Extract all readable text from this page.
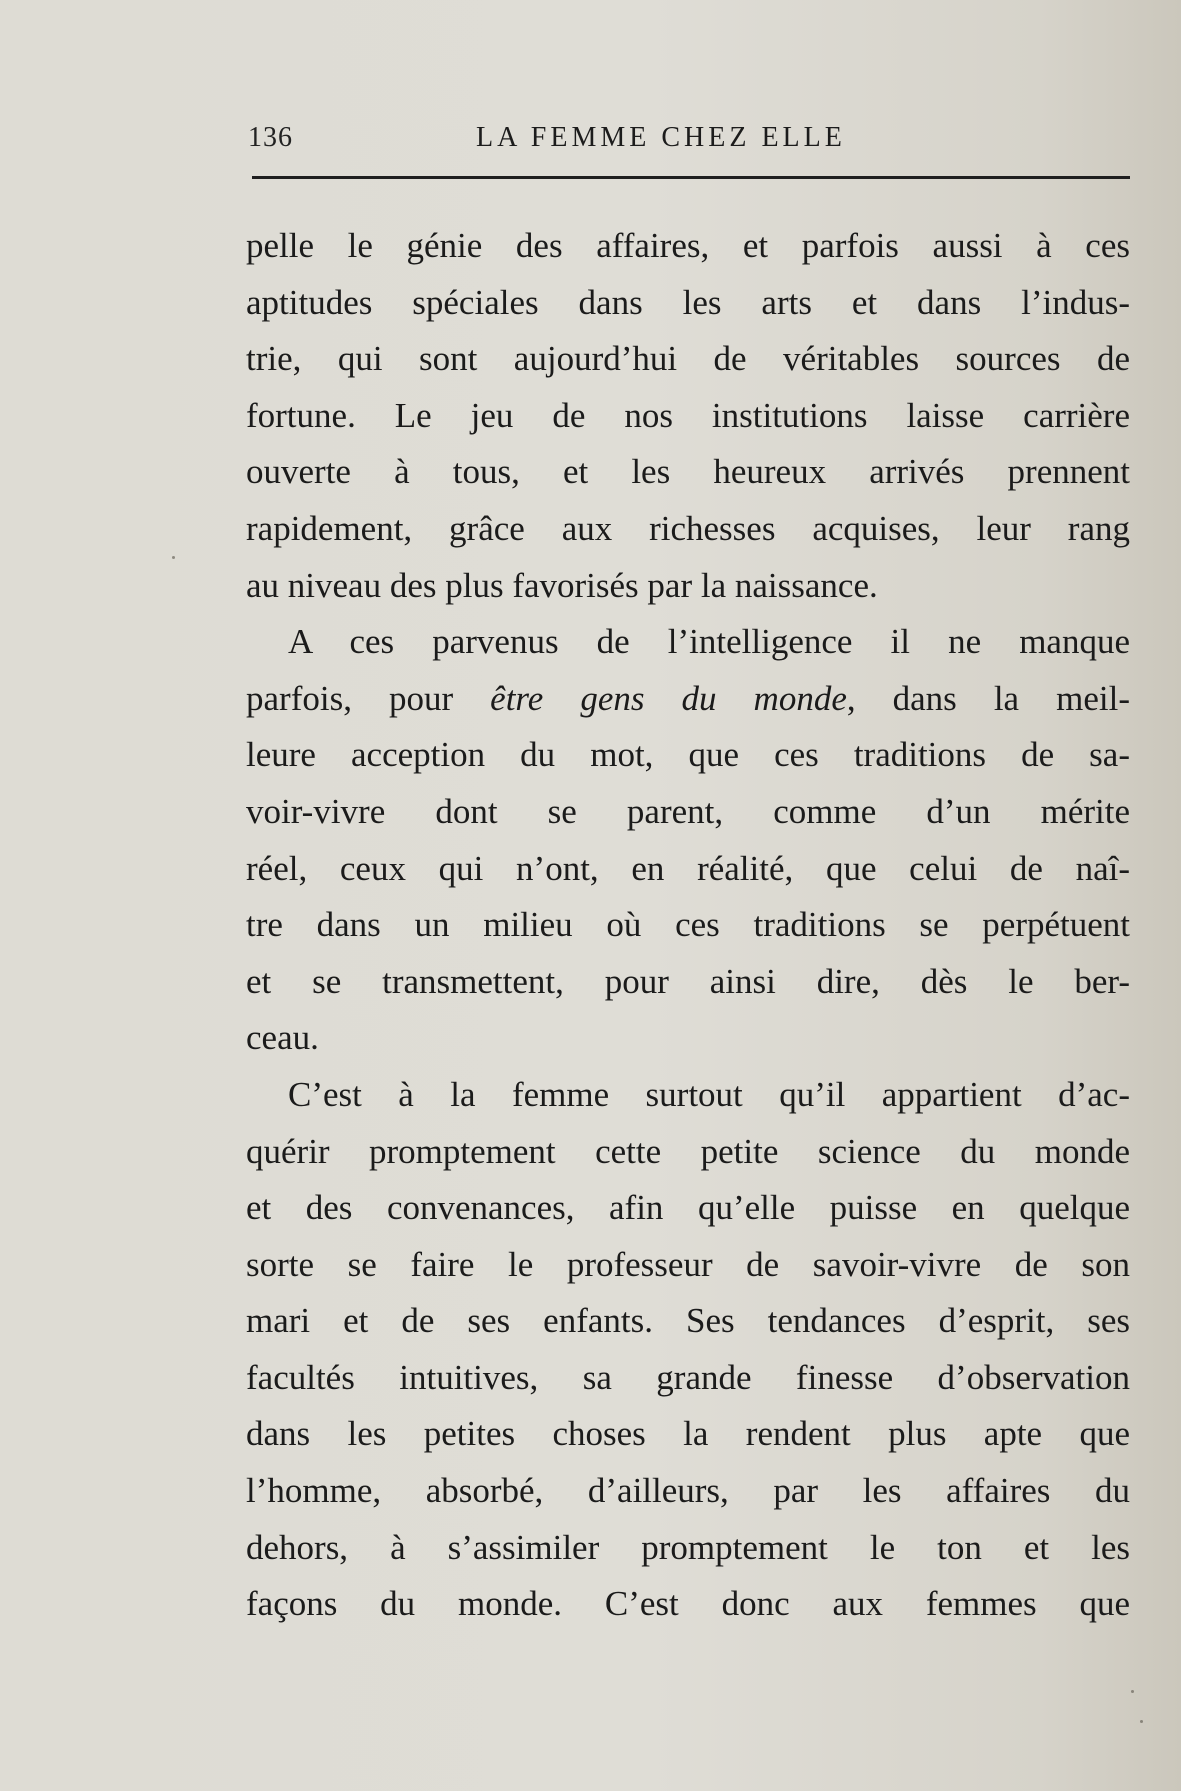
136	LA FEMME CHEZ ELLE
pelle le génie des affaires, et parfois aussi à ces
aptitudes spéciales dans les arts et dans l’indus-
trie, qui sont aujourd’hui de véritables sources de
fortune. Le jeu de nos institutions laisse carrière
ouverte à tous, et les heureux arrivés prennent
rapidement, grâce aux richesses acquises, leur rang
au niveau des plus favorisés par la naissance.
A ces parvenus de l’intelligence il ne manque
parfois, pour être gens du monde, dans la meil-
leure acception du mot, que ces traditions de sa-
voir-vivre dont se parent, comme d’un mérite
réel, ceux qui n’ont, en réalité, que celui de naî-
tre dans un milieu où ces traditions se perpétuent
et se transmettent, pour ainsi dire, dès le ber-
ceau.
C’est à la femme surtout qu’il appartient d’ac-
quérir promptement cette petite science du monde
et des convenances, afin qu’elle puisse en quelque
sorte se faire le professeur de savoir-vivre de son
mari et de ses enfants. Ses tendances d’esprit, ses
facultés intuitives, sa grande finesse d’observation
dans les petites choses la rendent plus apte que
l’homme, absorbé, d’ailleurs, par les affaires du
dehors, à s’assimiler promptement le ton et les
façons du monde. C’est donc aux femmes que
